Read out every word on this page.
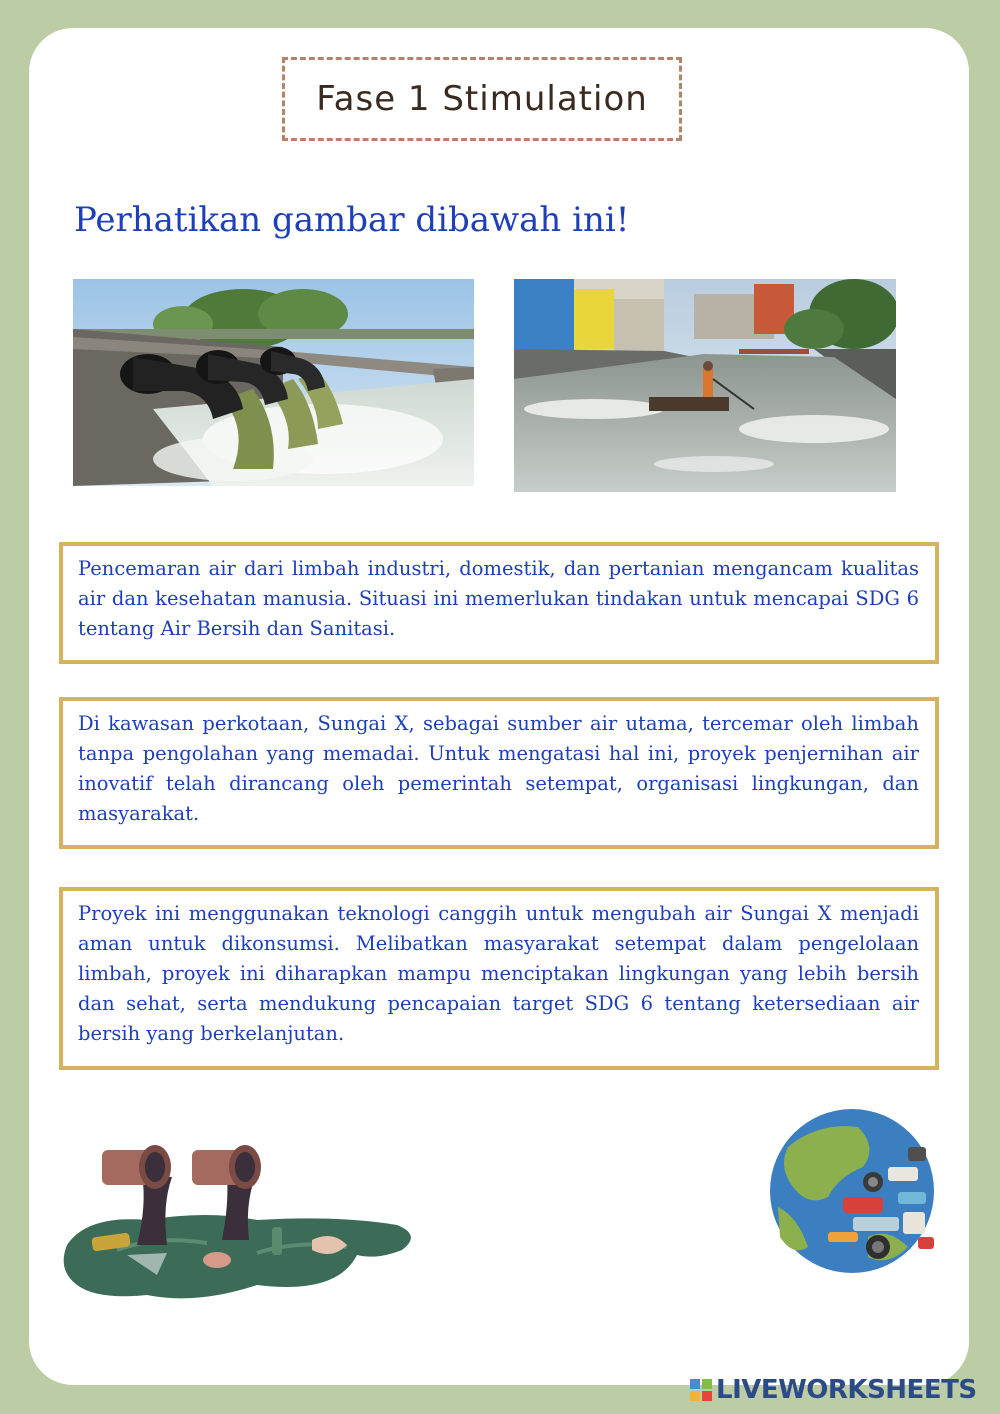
Fase 1 Stimulation
Perhatikan gambar dibawah ini!

Pencemaran air dari limbah industri, domestik, dan pertanian mengancam kualitas air dan kesehatan manusia. Situasi ini memerlukan tindakan untuk mencapai SDG 6 tentang Air Bersih dan Sanitasi.

Di kawasan perkotaan, Sungai X, sebagai sumber air utama, tercemar oleh limbah tanpa pengolahan yang memadai. Untuk mengatasi hal ini, proyek penjernihan air inovatif telah dirancang oleh pemerintah setempat, organisasi lingkungan, dan masyarakat.

Proyek ini menggunakan teknologi canggih untuk mengubah air Sungai X menjadi aman untuk dikonsumsi. Melibatkan masyarakat setempat dalam pengelolaan limbah, proyek ini diharapkan mampu menciptakan lingkungan yang lebih bersih dan sehat, serta mendukung pencapaian target SDG 6 tentang ketersediaan air bersih yang berkelanjutan.

LIVEWORKSHEETS
